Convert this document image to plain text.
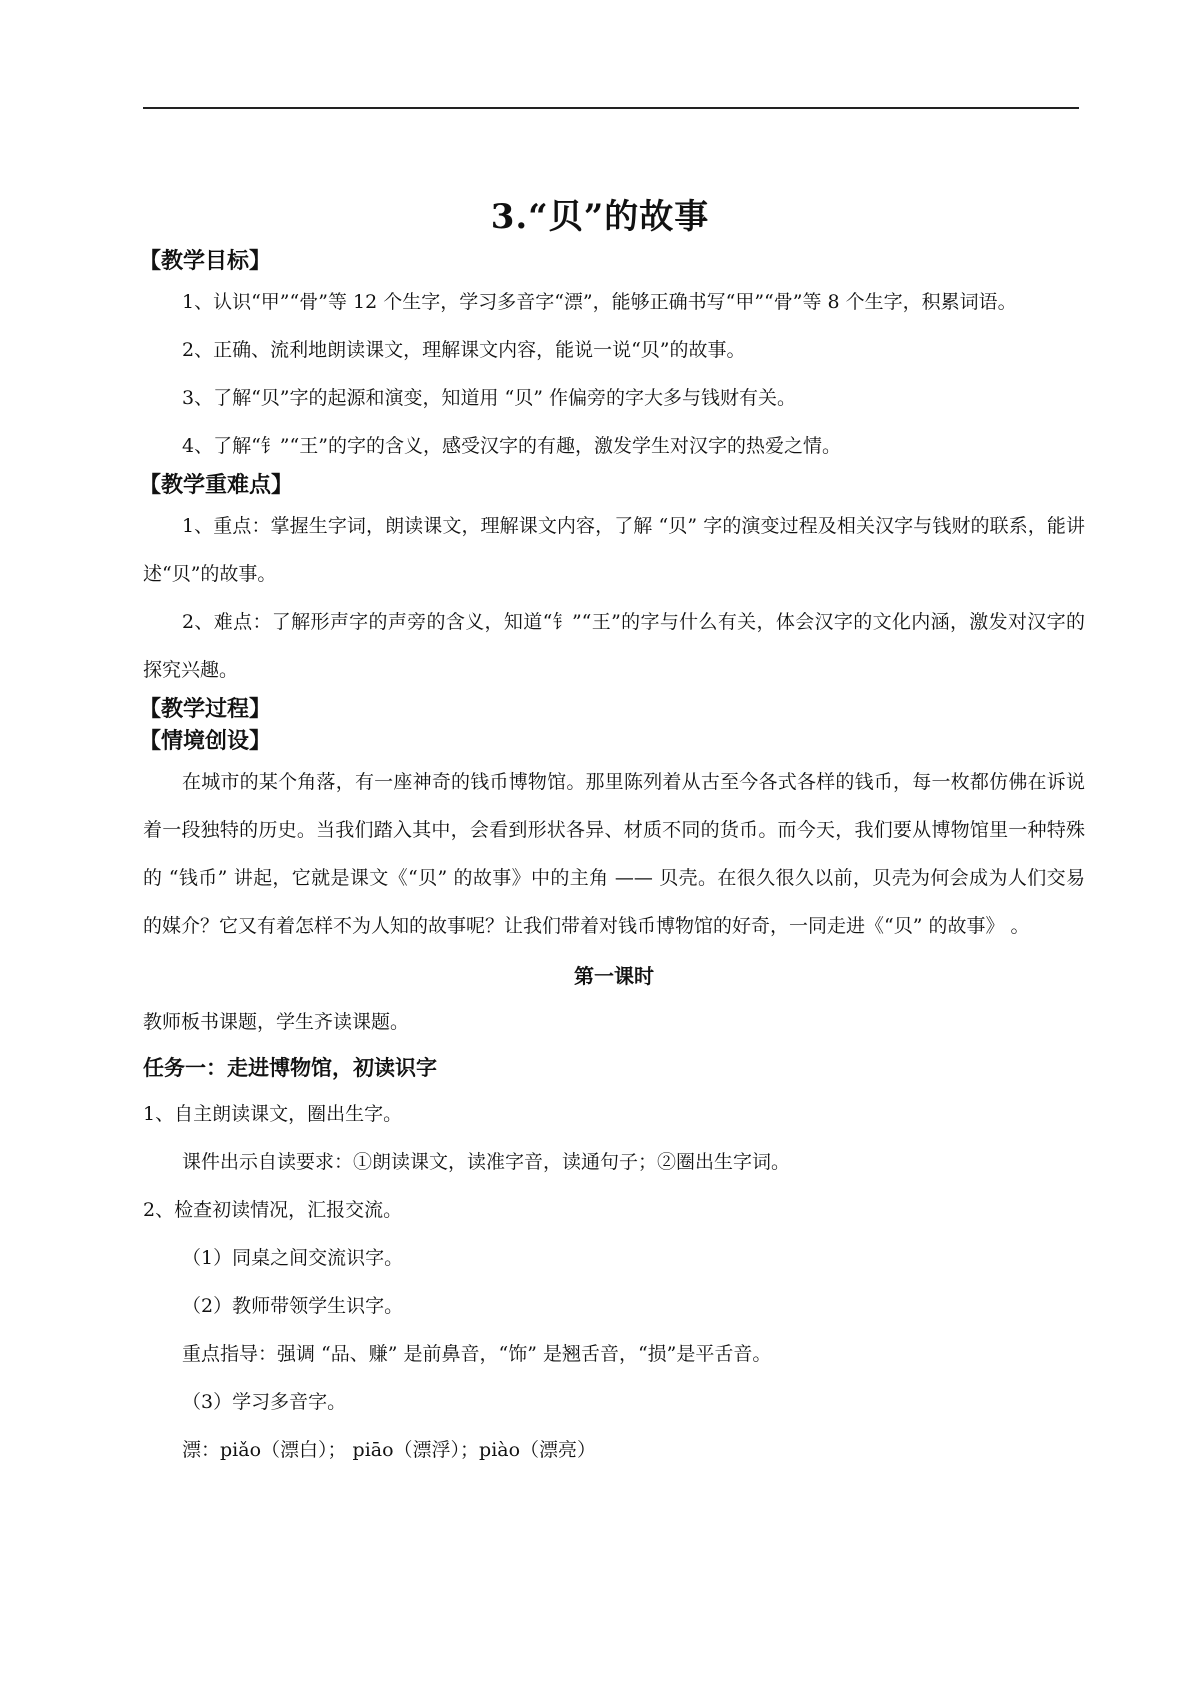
3.“贝”的故事
【教学目标】
1、认识“甲”“骨”等 12 个生字，学习多音字“漂”，能够正确书写“甲”“骨”等 8 个生字，积累词语。
2、正确、流利地朗读课文，理解课文内容，能说一说“贝”的故事。
3、了解“贝”字的起源和演变，知道用 “贝” 作偏旁的字大多与钱财有关。
4、了解“钅”“王”的字的含义，感受汉字的有趣，激发学生对汉字的热爱之情。
【教学重难点】
1、重点：掌握生字词，朗读课文，理解课文内容，了解 “贝” 字的演变过程及相关汉字与钱财的联系，能讲述“贝”的故事。
2、难点：了解形声字的声旁的含义，知道“钅”“王”的字与什么有关，体会汉字的文化内涵，激发对汉字的探究兴趣。
【教学过程】
【情境创设】
在城市的某个角落，有一座神奇的钱币博物馆。那里陈列着从古至今各式各样的钱币，每一枚都仿佛在诉说着一段独特的历史。当我们踏入其中，会看到形状各异、材质不同的货币。而今天，我们要从博物馆里一种特殊的 “钱币” 讲起，它就是课文《“贝” 的故事》中的主角 —— 贝壳。在很久很久以前，贝壳为何会成为人们交易的媒介？它又有着怎样不为人知的故事呢？让我们带着对钱币博物馆的好奇，一同走进《“贝” 的故事》 。
第一课时
教师板书课题，学生齐读课题。
任务一：走进博物馆，初读识字
1、自主朗读课文，圈出生字。
课件出示自读要求：①朗读课文，读准字音，读通句子；②圈出生字词。
2、检查初读情况，汇报交流。
（1）同桌之间交流识字。
（2）教师带领学生识字。
重点指导：强调 “品、赚” 是前鼻音，“饰” 是翘舌音，“损”是平舌音。
（3）学习多音字。
漂：piǎo（漂白）； piāo（漂浮）；piào（漂亮）
